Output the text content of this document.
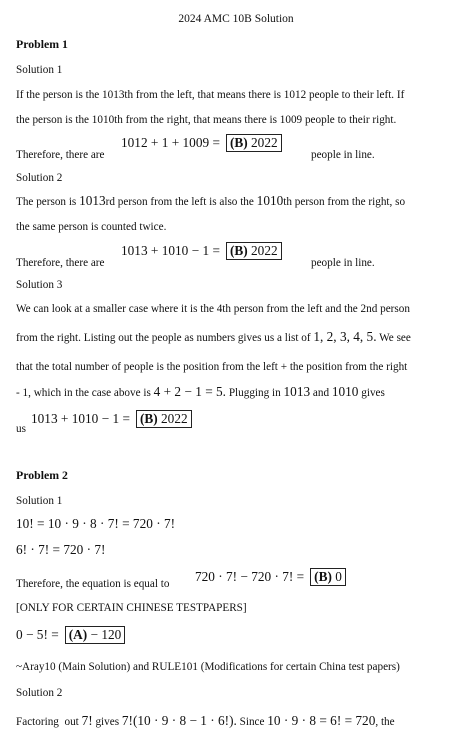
2024 AMC 10B Solution
Problem 1
Solution 1
If the person is the 1013th from the left, that means there is 1012 people to their left. If
the person is the 1010th from the right, that means there is 1009 people to their right.
Therefore, there are
1012 + 1 + 1009 = (B) 2022
people in line.
Solution 2
The person is 1013rd person from the left is also the 1010th person from the right, so
the same person is counted twice.
Therefore, there are
1013 + 1010 − 1 = (B) 2022
people in line.
Solution 3
We can look at a smaller case where it is the 4th person from the left and the 2nd person
from the right. Listing out the people as numbers gives us a list of 1, 2, 3, 4, 5. We see
that the total number of people is the position from the left + the position from the right
- 1, which in the case above is 4 + 2 − 1 = 5. Plugging in 1013 and 1010 gives
us
1013 + 1010 − 1 = (B) 2022
Problem 2
Solution 1
10! = 10 · 9 · 8 · 7! = 720 · 7!
6! · 7! = 720 · 7!
Therefore, the equation is equal to 720 · 7! − 720 · 7! = (B) 0
[ONLY FOR CERTAIN CHINESE TESTPAPERS]
0 − 5! = (A) − 120
~Aray10 (Main Solution) and RULE101 (Modifications for certain China test papers)
Solution 2
Factoring  out 7! gives 7!(10 · 9 · 8 − 1 · 6!). Since 10 · 9 · 8 = 6! = 720, the
